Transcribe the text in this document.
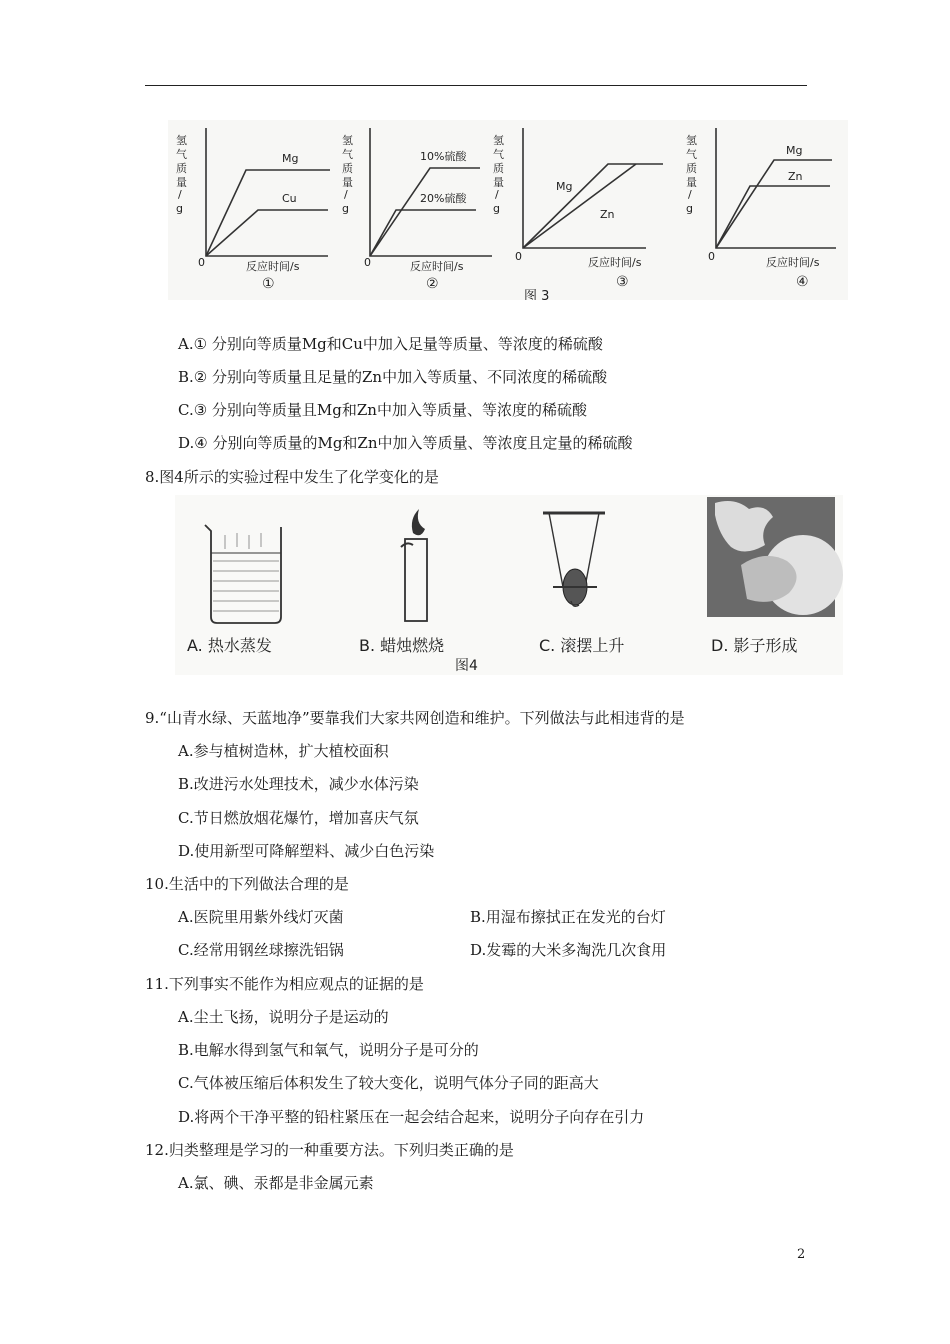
氢
气
质
量
/
g
氢
气
质
量
/
g
氢
气
质
量
/
g
氢
气
质
量
/
g
0	0	0	0
反应时间/s	反应时间/s	反应时间/s	反应时间/s
Mg
Cu
10%硫酸
20%硫酸
Mg
Zn
Mg
Zn
①	②	③	④
图 3
A.① 分别向等质量Mg和Cu中加入足量等质量、等浓度的稀硫酸
B.② 分别向等质量且足量的Zn中加入等质量、不同浓度的稀硫酸
C.③ 分别向等质量且Mg和Zn中加入等质量、等浓度的稀硫酸
D.④ 分别向等质量的Mg和Zn中加入等质量、等浓度且定量的稀硫酸
8.图4所示的实验过程中发生了化学变化的是
A. 热水蒸发	B. 蜡烛燃烧	C. 滚摆上升	D. 影子形成
图4
9.“山青水绿、天蓝地净”要靠我们大家共网创造和维护。下列做法与此相违背的是
A.参与植树造林，扩大植校面积
B.改进污水处理技术，减少水体污染
C.节日燃放烟花爆竹，增加喜庆气氛
D.使用新型可降解塑料、减少白色污染
10.生活中的下列做法合理的是
A.医院里用紫外线灯灭菌	B.用湿布擦拭正在发光的台灯
C.经常用钢丝球擦洗铝锅	D.发霉的大米多淘洗几次食用
11.下列事实不能作为相应观点的证据的是
A.尘土飞扬，说明分子是运动的
B.电解水得到氢气和氧气，说明分子是可分的
C.气体被压缩后体积发生了较大变化，说明气体分子同的距高大
D.将两个干净平整的铅柱紧压在一起会结合起来，说明分子向存在引力
12.归类整理是学习的一种重要方法。下列归类正确的是
A.氯、碘、汞都是非金属元素
2
